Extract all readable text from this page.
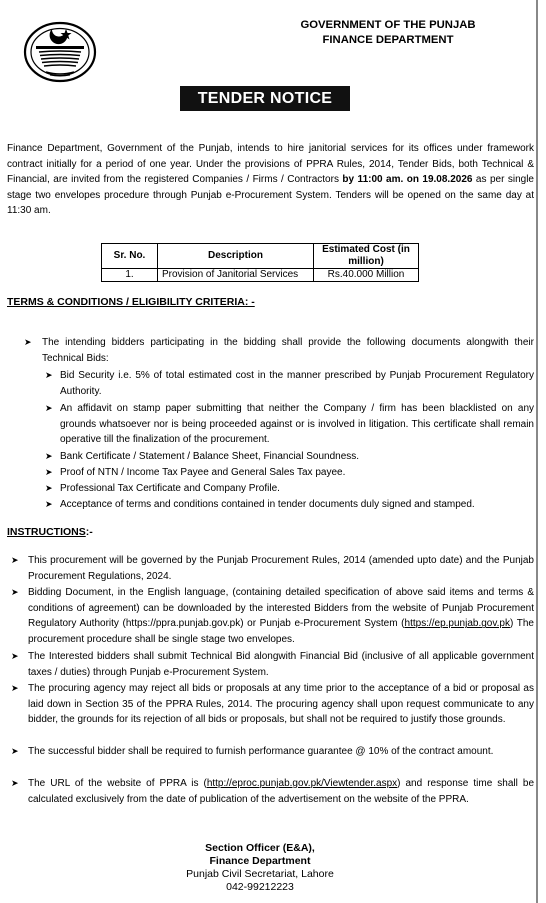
GOVERNMENT OF THE PUNJAB
FINANCE DEPARTMENT
TENDER NOTICE
Finance Department, Government of the Punjab, intends to hire janitorial services for its offices under framework contract initially for a period of one year. Under the provisions of PPRA Rules, 2014, Tender Bids, both Technical & Financial, are invited from the registered Companies / Firms / Contractors by 11:00 am. on 19.08.2026 as per single stage two envelopes procedure through Punjab e-Procurement System. Tenders will be opened on the same day at 11:30 am.
Sr. No.	Description	Estimated Cost (in million)
1.	Provision of Janitorial Services	Rs.40.000 Million
TERMS & CONDITIONS / ELIGIBILITY CRITERIA: -
➤ The intending bidders participating in the bidding shall provide the following documents alongwith their Technical Bids:
➤ Bid Security i.e. 5% of total estimated cost in the manner prescribed by Punjab Procurement Regulatory Authority.
➤ An affidavit on stamp paper submitting that neither the Company / firm has been blacklisted on any grounds whatsoever nor is being proceeded against or is involved in litigation. This certificate shall remain operative till the finalization of the procurement.
➤ Bank Certificate / Statement / Balance Sheet, Financial Soundness.
➤ Proof of NTN / Income Tax Payee and General Sales Tax payee.
➤ Professional Tax Certificate and Company Profile.
➤ Acceptance of terms and conditions contained in tender documents duly signed and stamped.
INSTRUCTIONS:-
➤ This procurement will be governed by the Punjab Procurement Rules, 2014 (amended upto date) and the Punjab Procurement Regulations, 2024.
➤ Bidding Document, in the English language, (containing detailed specification of above said items and terms & conditions of agreement) can be downloaded by the interested Bidders from the website of Punjab Procurement Regulatory Authority (https://ppra.punjab.gov.pk) or Punjab e-Procurement System (https://ep.punjab.gov.pk) The procurement procedure shall be single stage two envelopes.
➤ The Interested bidders shall submit Technical Bid alongwith Financial Bid (inclusive of all applicable government taxes / duties) through Punjab e-Procurement System.
➤ The procuring agency may reject all bids or proposals at any time prior to the acceptance of a bid or proposal as laid down in Section 35 of the PPRA Rules, 2014. The procuring agency shall upon request communicate to any bidder, the grounds for its rejection of all bids or proposals, but shall not be required to justify those grounds.
➤ The successful bidder shall be required to furnish performance guarantee @ 10% of the contract amount.
➤ The URL of the website of PPRA is (http://eproc.punjab.gov.pk/Viewtender.aspx) and response time shall be calculated exclusively from the date of publication of the advertisement on the website of the PPRA.
Section Officer (E&A),
Finance Department
Punjab Civil Secretariat, Lahore
042-99212223
